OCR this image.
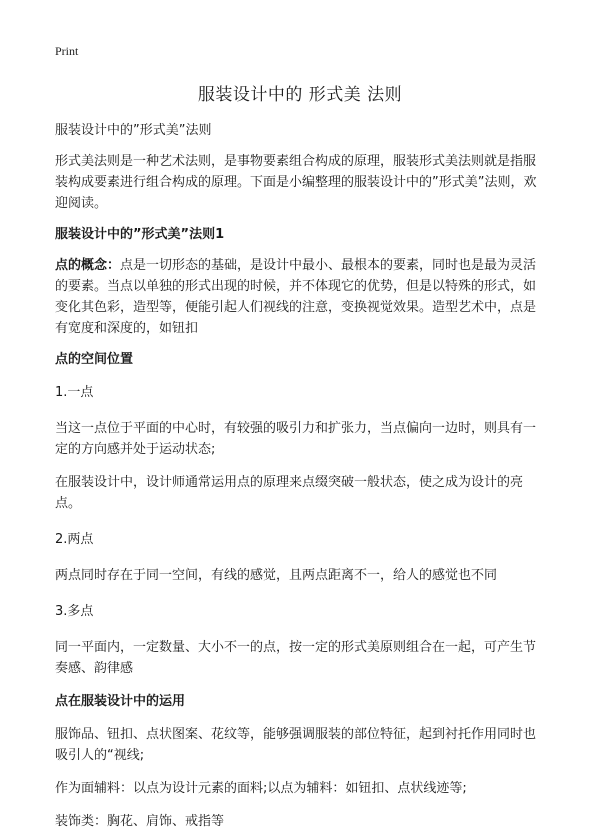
Print
服装设计中的 形式美 法则

服装设计中的”形式美”法则

形式美法则是一种艺术法则，是事物要素组合构成的原理，服装形式美法则就是指服装构成要素进行组合构成的原理。下面是小编整理的服装设计中的”形式美”法则，欢迎阅读。

服装设计中的”形式美”法则1

点的概念：点是一切形态的基础，是设计中最小、最根本的要素，同时也是最为灵活的要素。当点以单独的形式出现的时候，并不体现它的优势，但是以特殊的形式，如变化其色彩，造型等，便能引起人们视线的注意，变换视觉效果。造型艺术中，点是有宽度和深度的，如钮扣

点的空间位置

1.一点

当这一点位于平面的中心时，有较强的吸引力和扩张力，当点偏向一边时，则具有一定的方向感并处于运动状态;

在服装设计中，设计师通常运用点的原理来点缀突破一般状态，使之成为设计的亮点。

2.两点

两点同时存在于同一空间，有线的感觉，且两点距离不一，给人的感觉也不同

3.多点

同一平面内，一定数量、大小不一的点，按一定的形式美原则组合在一起，可产生节奏感、韵律感

点在服装设计中的运用

服饰品、钮扣、点状图案、花纹等，能够强调服装的部位特征，起到衬托作用同时也吸引人的“视线;

作为面辅料：以点为设计元素的面料;以点为辅料：如钮扣、点状线迹等;

装饰类：胸花、肩饰、戒指等
